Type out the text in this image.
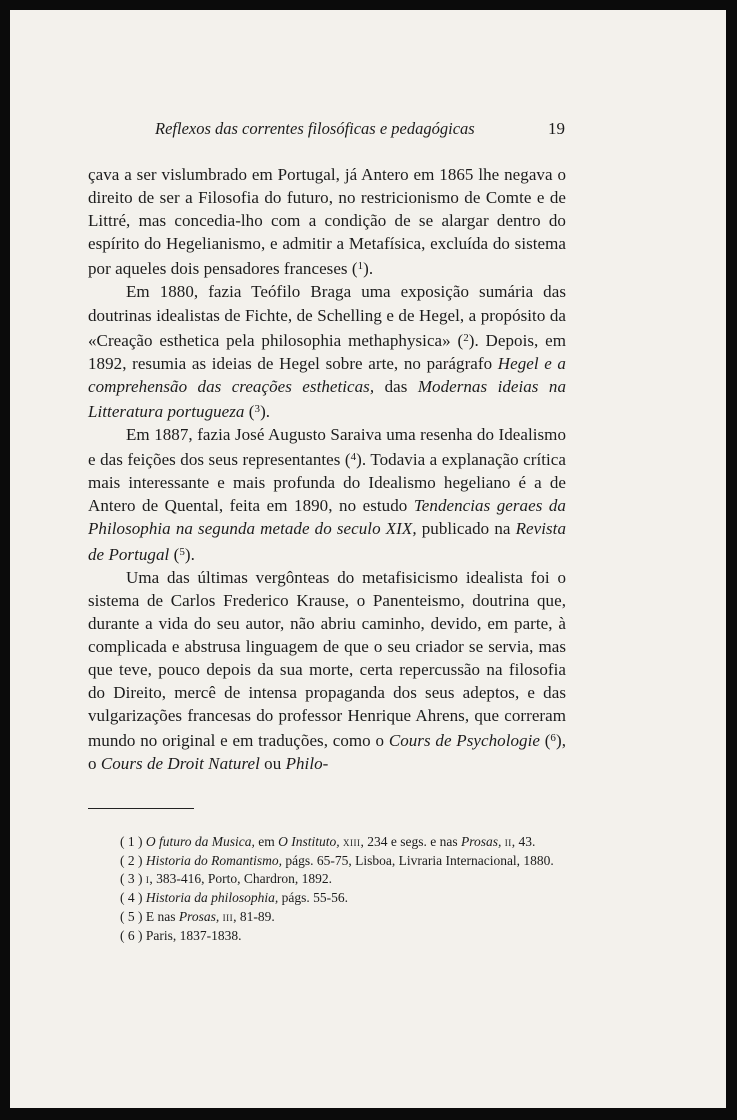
Reflexos das correntes filosóficas e pedagógicas	19

çava a ser vislumbrado em Portugal, já Antero em 1865 lhe negava o direito de ser a Filosofia do futuro, no restricionismo de Comte e de Littré, mas concedia-lho com a condição de se alargar dentro do espírito do Hegelianismo, e admitir a Metafísica, excluída do sistema por aqueles dois pensadores franceses ($^1$).

Em 1880, fazia Teófilo Braga uma exposição sumária das doutrinas idealistas de Fichte, de Schelling e de Hegel, a propósito da «Creação esthetica pela philosophia methaphysica» ($^2$). Depois, em 1892, resumia as ideias de Hegel sobre arte, no parágrafo Hegel e a comprehensão das creações estheticas, das Modernas ideias na Litteratura portugueza ($^3$).

Em 1887, fazia José Augusto Saraiva uma resenha do Idealismo e das feições dos seus representantes ($^4$). Todavia a explanação crítica mais interessante e mais profunda do Idealismo hegeliano é a de Antero de Quental, feita em 1890, no estudo Tendencias geraes da Philosophia na segunda metade do seculo XIX, publicado na Revista de Portugal ($^5$).

Uma das últimas vergônteas do metafisicismo idealista foi o sistema de Carlos Frederico Krause, o Panenteismo, doutrina que, durante a vida do seu autor, não abriu caminho, devido, em parte, à complicada e abstrusa linguagem de que o seu criador se servia, mas que teve, pouco depois da sua morte, certa repercussão na filosofia do Direito, mercê de intensa propaganda dos seus adeptos, e das vulgarizações francesas do professor Henrique Ahrens, que correram mundo no original e em traduções, como o Cours de Psychologie ($^6$), o Cours de Droit Naturel ou Philo-

( 1 ) O futuro da Musica, em O Instituto, xiii, 234 e segs. e nas Prosas, ii, 43.

( 2 ) Historia do Romantismo, págs. 65-75, Lisboa, Livraria Internacional, 1880.

( 3 ) i, 383-416, Porto, Chardron, 1892.

( 4 ) Historia da philosophia, págs. 55-56.

( 5 ) E nas Prosas, iii, 81-89.

( 6 ) Paris, 1837-1838.
